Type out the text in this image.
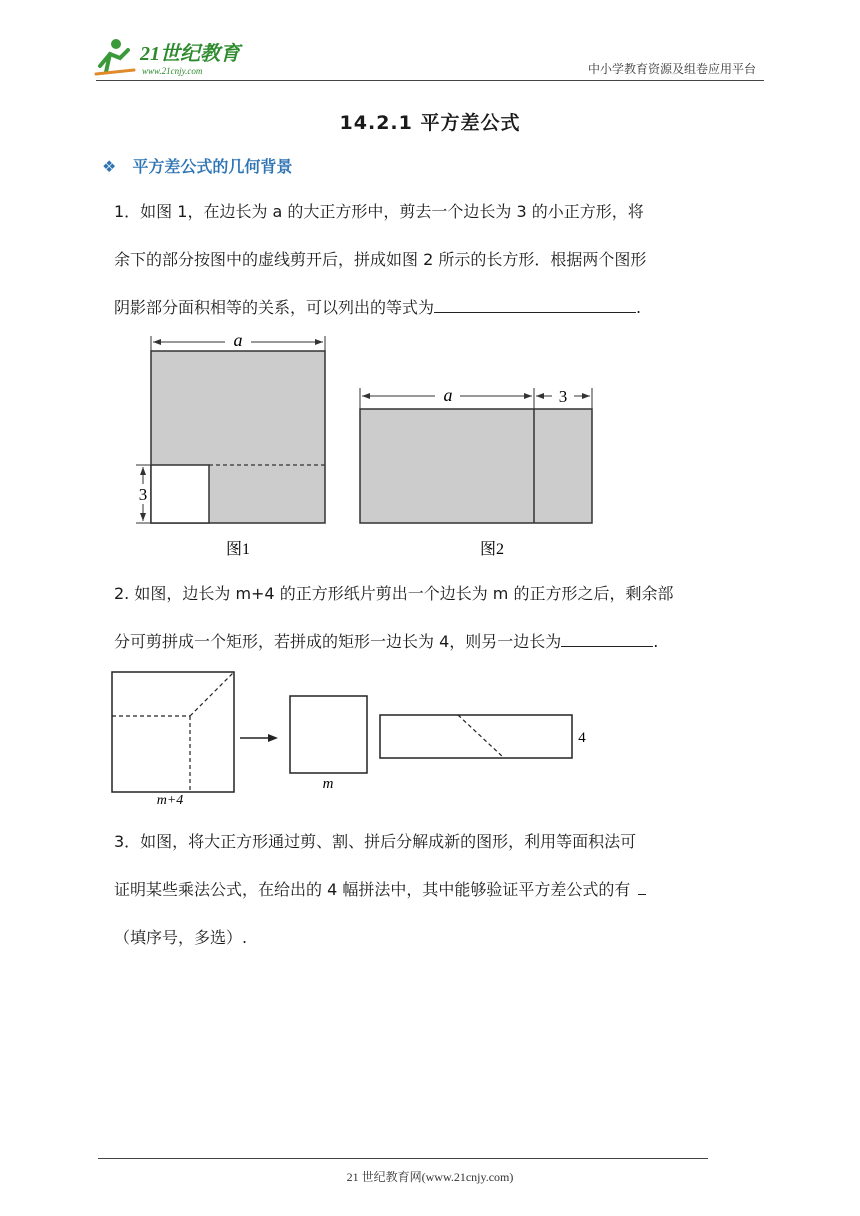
21世纪教育
www.21cnjy.com	中小学教育资源及组卷应用平台
14.2.1 平方差公式
❖ 平方差公式的几何背景
1．如图 1，在边长为 a 的大正方形中，剪去一个边长为 3 的小正方形，将
余下的部分按图中的虚线剪开后，拼成如图 2 所示的长方形．根据两个图形
阴影部分面积相等的关系，可以列出的等式为	.
a
3
图1
a	3
图2
2. 如图，边长为 m+4 的正方形纸片剪出一个边长为 m 的正方形之后，剩余部
分可剪拼成一个矩形，若拼成的矩形一边长为 4，则另一边长为	.
m+4
m
4
3．如图，将大正方形通过剪、割、拼后分解成新的图形，利用等面积法可
证明某些乘法公式，在给出的 4 幅拼法中，其中能够验证平方差公式的有
（填序号，多选）.
21 世纪教育网(www.21cnjy.com)
